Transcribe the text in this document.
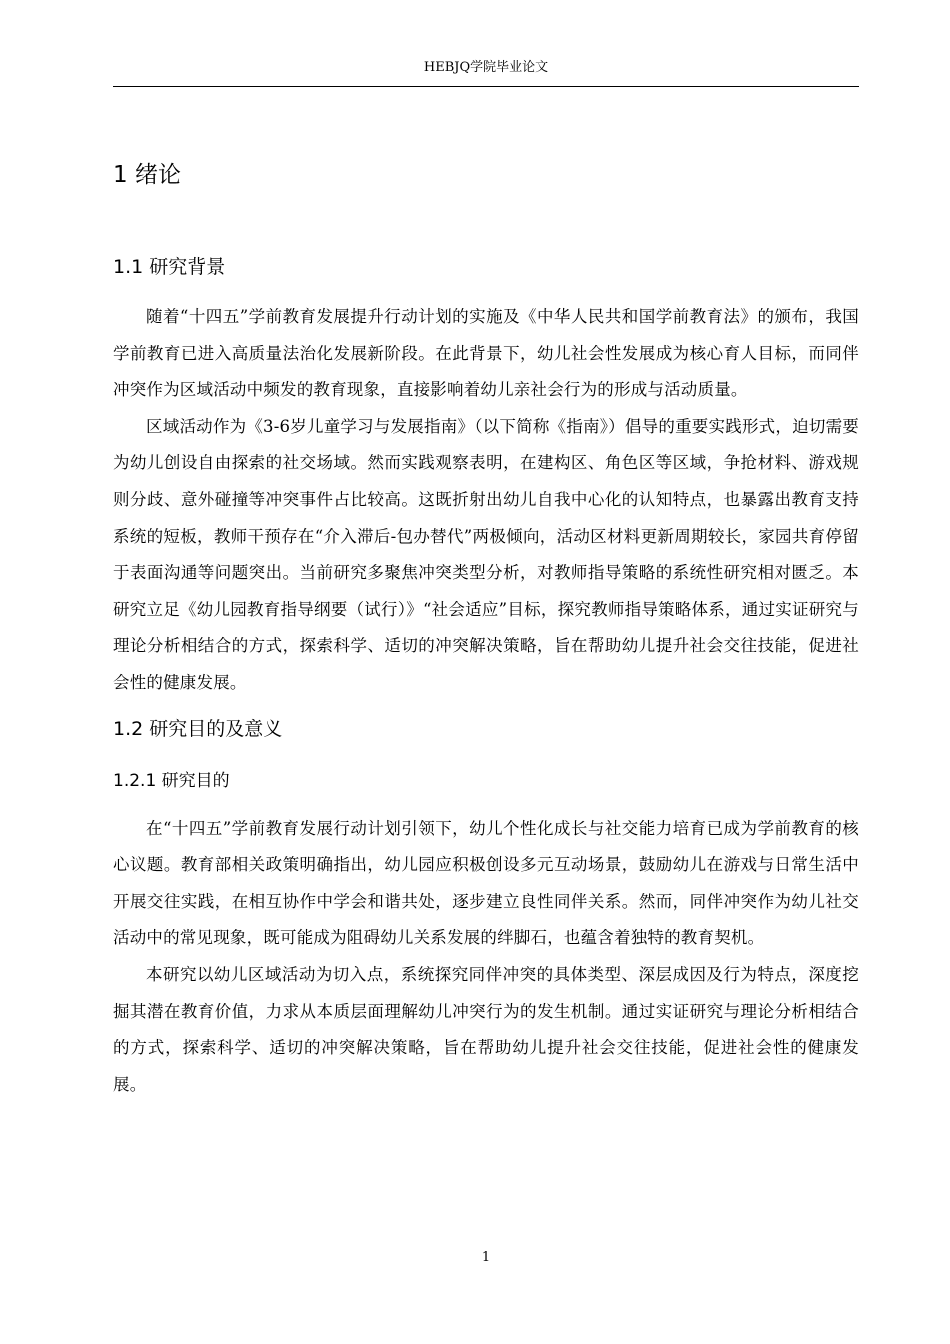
HEBJQ学院毕业论文
1 绪论
1.1 研究背景

随着“十四五”学前教育发展提升行动计划的实施及《中华人民共和国学前教育法》的颁布，我国学前教育已进入高质量法治化发展新阶段。在此背景下，幼儿社会性发展成为核心育人目标，而同伴冲突作为区域活动中频发的教育现象，直接影响着幼儿亲社会行为的形成与活动质量。

区域活动作为《3-6岁儿童学习与发展指南》（以下简称《指南》）倡导的重要实践形式，迫切需要为幼儿创设自由探索的社交场域。然而实践观察表明，在建构区、角色区等区域，争抢材料、游戏规则分歧、意外碰撞等冲突事件占比较高。这既折射出幼儿自我中心化的认知特点，也暴露出教育支持系统的短板，教师干预存在“介入滞后-包办替代”两极倾向，活动区材料更新周期较长，家园共育停留于表面沟通等问题突出。当前研究多聚焦冲突类型分析，对教师指导策略的系统性研究相对匮乏。本研究立足《幼儿园教育指导纲要（试行）》“社会适应”目标，探究教师指导策略体系，通过实证研究与理论分析相结合的方式，探索科学、适切的冲突解决策略，旨在帮助幼儿提升社会交往技能，促进社会性的健康发展。

1.2 研究目的及意义
1.2.1 研究目的

在“十四五”学前教育发展行动计划引领下，幼儿个性化成长与社交能力培育已成为学前教育的核心议题。教育部相关政策明确指出，幼儿园应积极创设多元互动场景，鼓励幼儿在游戏与日常生活中开展交往实践，在相互协作中学会和谐共处，逐步建立良性同伴关系。然而，同伴冲突作为幼儿社交活动中的常见现象，既可能成为阻碍幼儿关系发展的绊脚石，也蕴含着独特的教育契机。

本研究以幼儿区域活动为切入点，系统探究同伴冲突的具体类型、深层成因及行为特点，深度挖掘其潜在教育价值，力求从本质层面理解幼儿冲突行为的发生机制。通过实证研究与理论分析相结合的方式，探索科学、适切的冲突解决策略，旨在帮助幼儿提升社会交往技能，促进社会性的健康发展。

1
